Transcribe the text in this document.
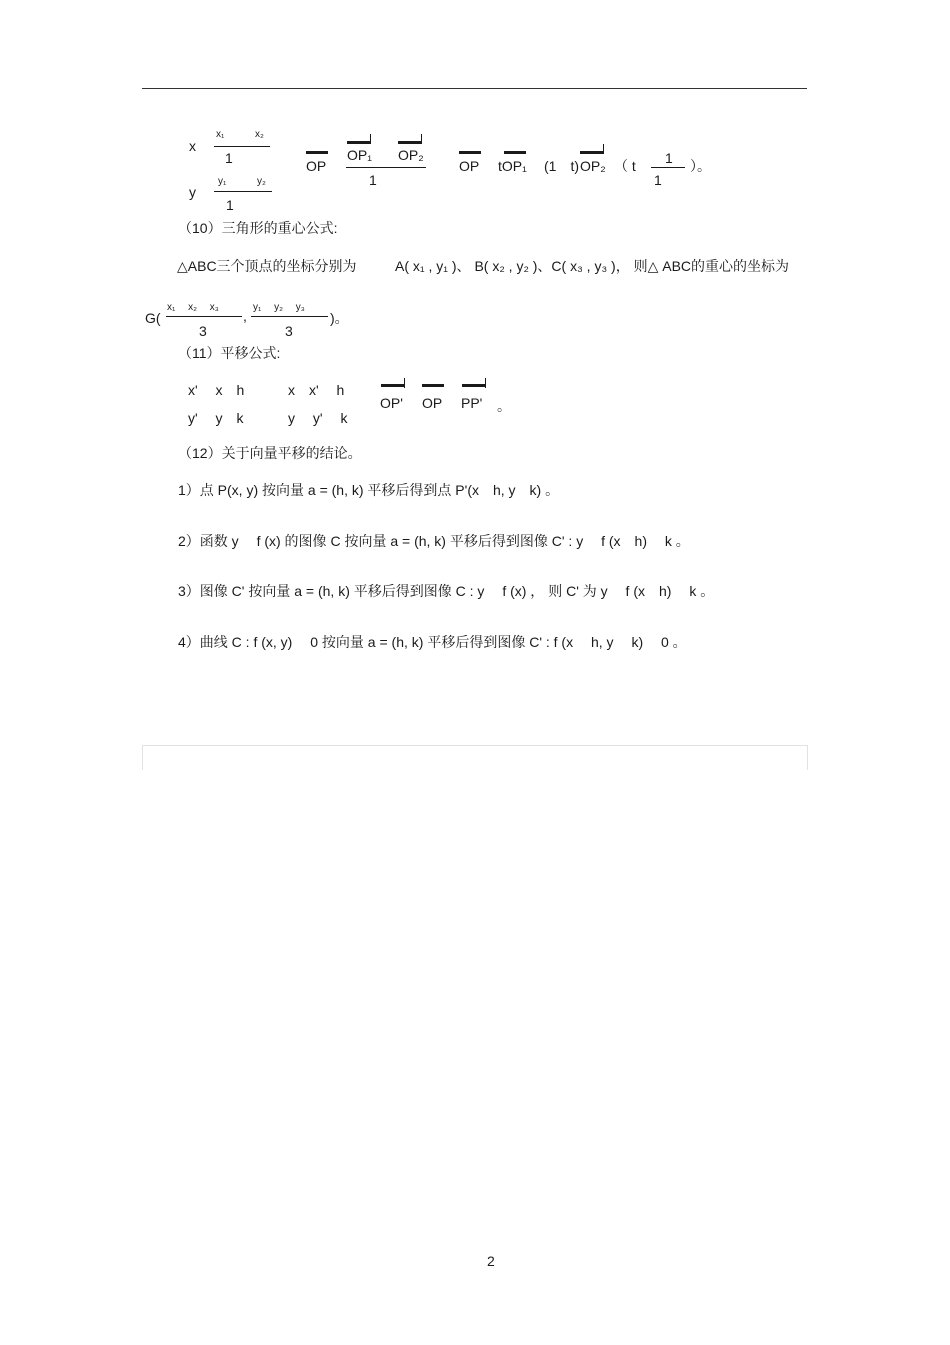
x
x₁	x₂
1
y
y₁	y₂
1
OP
OP₁ OP₂
1
OP tOP₁ (1　t) OP₂ （ t 1
1
）。
（10）三角形的重心公式:
△ABC三个顶点的坐标分别为	A( x₁ , y₁ )、 B( x₂ , y₂ )、C( x₃ , y₃ )， 则△ ABC的重心的坐标为
G(
x₁　 x₂　 x₃
3
,
y₁　 y₂　 y₃
3
)。
（11）平移公式:
x'　 x　h
y'　 y　k
x　x'　 h
y　 y'　 k
OP' OP PP' 。
（12）关于向量平移的结论。
1）点 P(x, y) 按向量 a = (h, k) 平移后得到点 P'(x　h, y　k) 。
2）函数 y　 f (x) 的图像 C 按向量 a = (h, k) 平移后得到图像 C' : y　 f (x　h)　 k 。
3）图像 C' 按向量 a = (h, k) 平移后得到图像 C : y　 f (x) ， 则 C' 为 y　 f (x　h)　 k 。
4）曲线 C : f (x, y)　 0 按向量 a = (h, k) 平移后得到图像 C' : f (x　 h, y　 k)　 0 。
2
